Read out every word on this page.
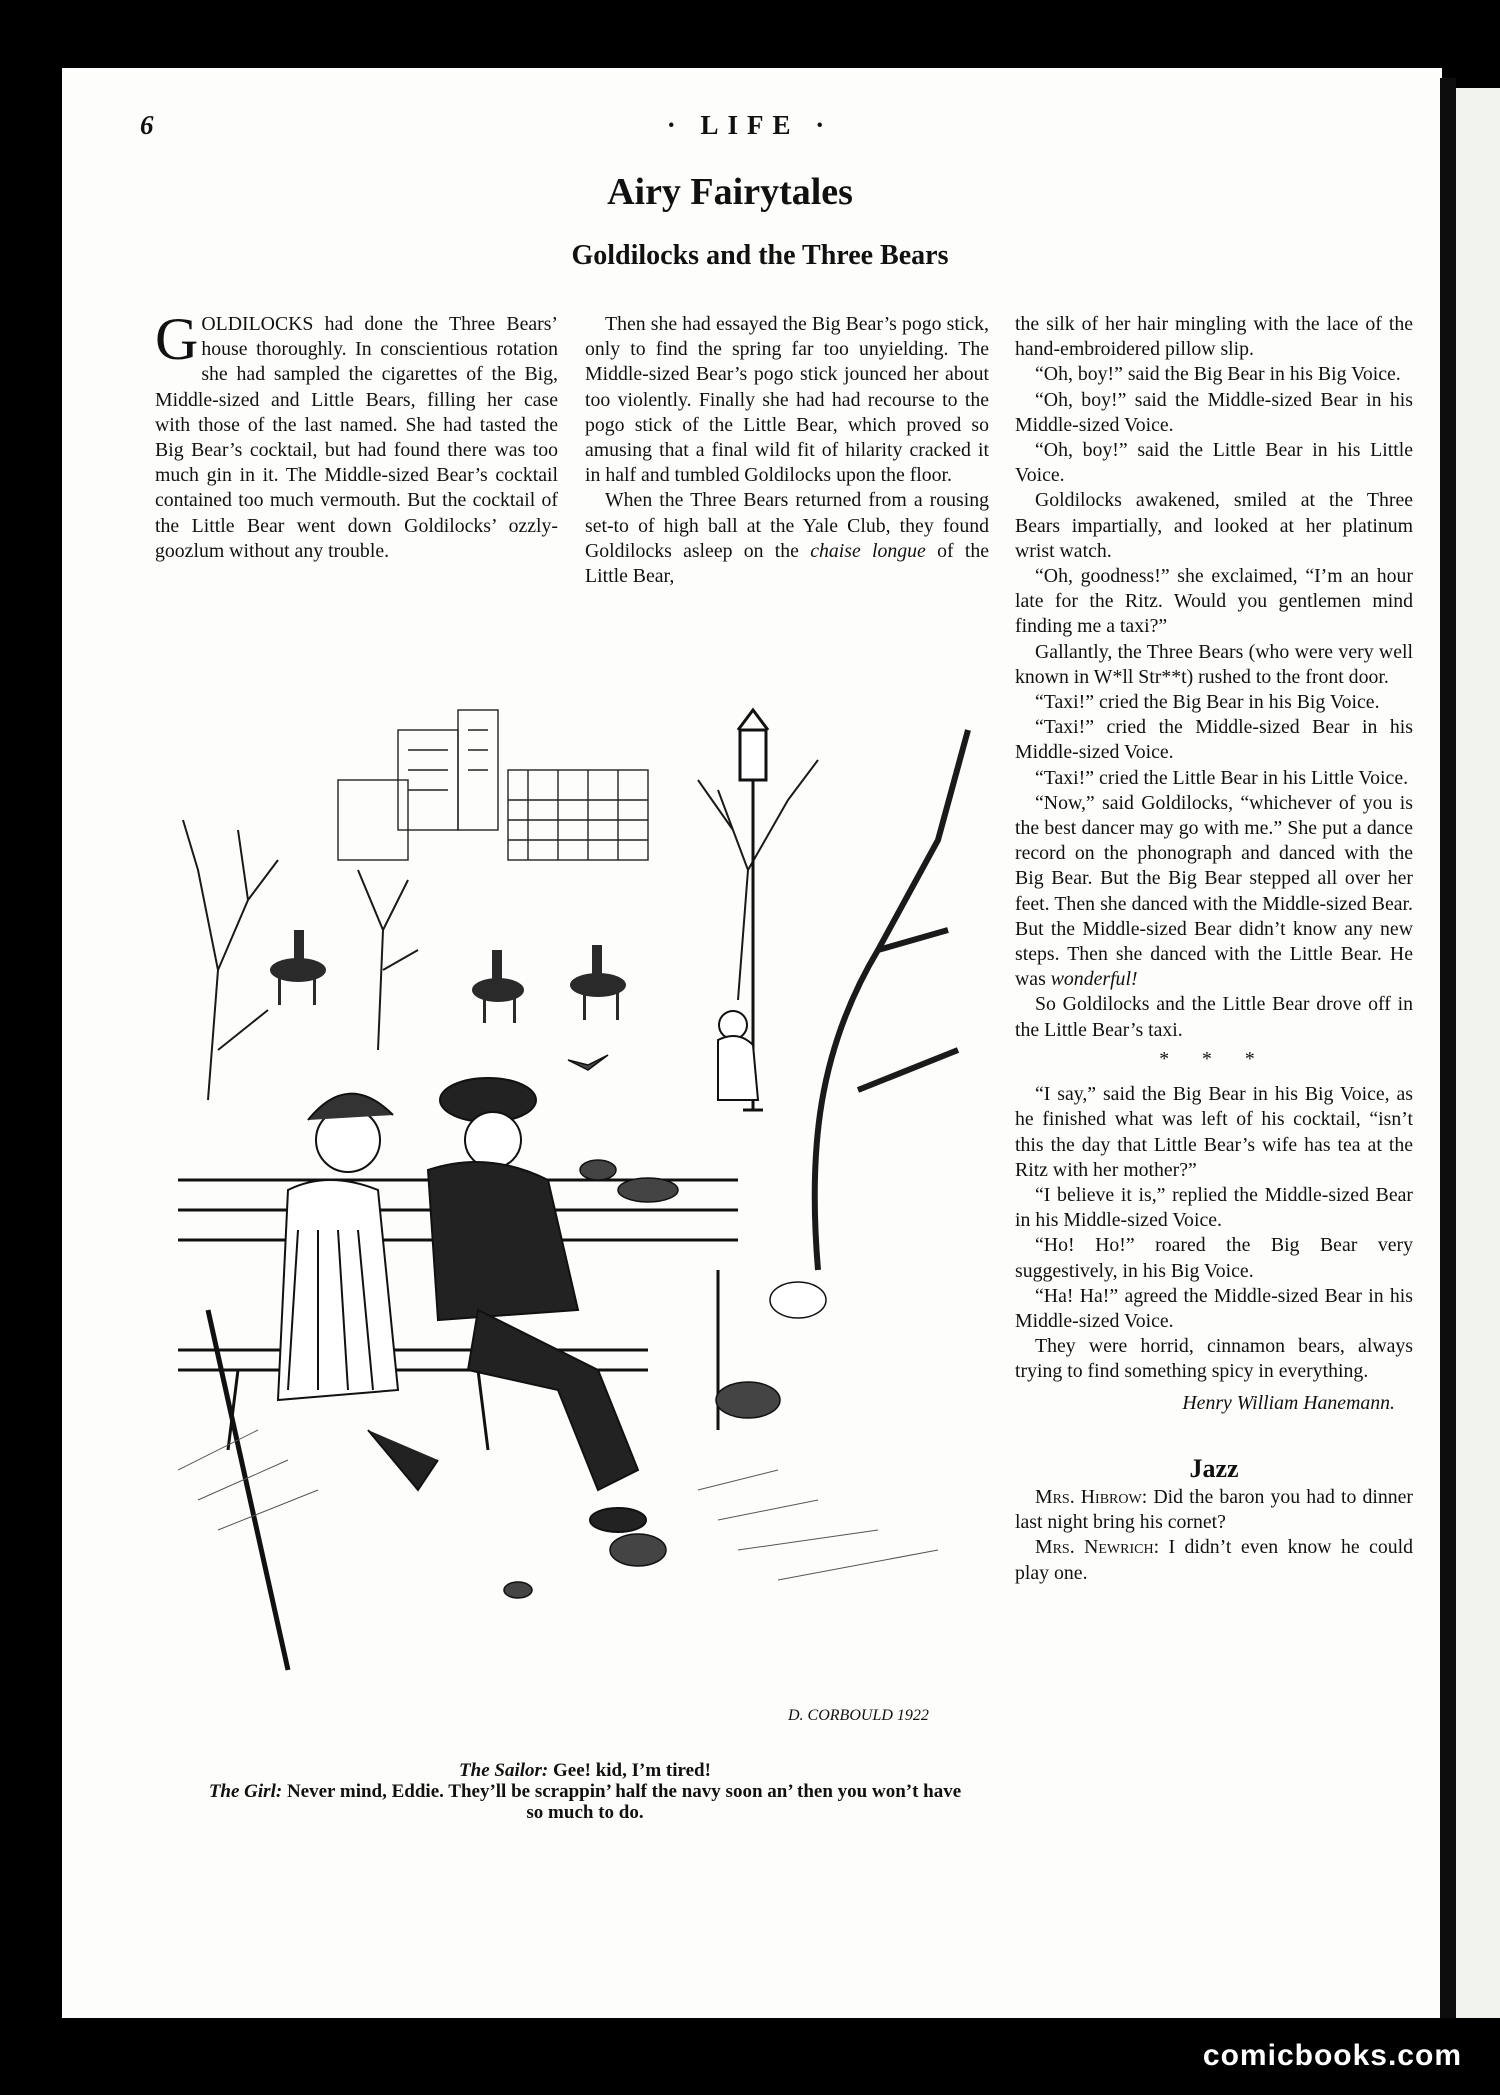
6	· LIFE ·
Airy Fairytales
Goldilocks and the Three Bears

GOLDILOCKS had done the Three Bears’ house thoroughly. In conscientious rotation she had sampled the cigarettes of the Big, Middle-sized and Little Bears, filling her case with those of the last named. She had tasted the Big Bear’s cocktail, but had found there was too much gin in it. The Middle-sized Bear’s cocktail contained too much vermouth. But the cocktail of the Little Bear went down Goldilocks’ ozzly-goozlum without any trouble.

Then she had essayed the Big Bear’s pogo stick, only to find the spring far too unyielding. The Middle-sized Bear’s pogo stick jounced her about too violently. Finally she had had recourse to the pogo stick of the Little Bear, which proved so amusing that a final wild fit of hilarity cracked it in half and tumbled Goldilocks upon the floor.

When the Three Bears returned from a rousing set-to of high ball at the Yale Club, they found Goldilocks asleep on the chaise longue of the Little Bear,

the silk of her hair mingling with the lace of the hand-embroidered pillow slip.

“Oh, boy!” said the Big Bear in his Big Voice.

“Oh, boy!” said the Middle-sized Bear in his Middle-sized Voice.

“Oh, boy!” said the Little Bear in his Little Voice.

Goldilocks awakened, smiled at the Three Bears impartially, and looked at her platinum wrist watch.

“Oh, goodness!” she exclaimed, “I’m an hour late for the Ritz. Would you gentlemen mind finding me a taxi?”

Gallantly, the Three Bears (who were very well known in W*ll Str**t) rushed to the front door.

“Taxi!” cried the Big Bear in his Big Voice.

“Taxi!” cried the Middle-sized Bear in his Middle-sized Voice.

“Taxi!” cried the Little Bear in his Little Voice.

“Now,” said Goldilocks, “whichever of you is the best dancer may go with me.” She put a dance record on the phonograph and danced with the Big Bear. But the Big Bear stepped all over her feet. Then she danced with the Middle-sized Bear. But the Middle-sized Bear didn’t know any new steps. Then she danced with the Little Bear. He was wonderful!

So Goldilocks and the Little Bear drove off in the Little Bear’s taxi.

* * *

“I say,” said the Big Bear in his Big Voice, as he finished what was left of his cocktail, “isn’t this the day that Little Bear’s wife has tea at the Ritz with her mother?”

“I believe it is,” replied the Middle-sized Bear in his Middle-sized Voice.

“Ho! Ho!” roared the Big Bear very suggestively, in his Big Voice.

“Ha! Ha!” agreed the Middle-sized Bear in his Middle-sized Voice.

They were horrid, cinnamon bears, always trying to find something spicy in everything.

Henry William Hanemann.
Jazz

Mrs. Hibrow: Did the baron you had to dinner last night bring his cornet?

Mrs. Newrich: I didn’t even know he could play one.

D. CORBOULD 1922
The Sailor: Gee! kid, I’m tired!
The Girl: Never mind, Eddie. They’ll be scrappin’ half the navy soon an’ then you won’t have so much to do.
comicbooks.com
